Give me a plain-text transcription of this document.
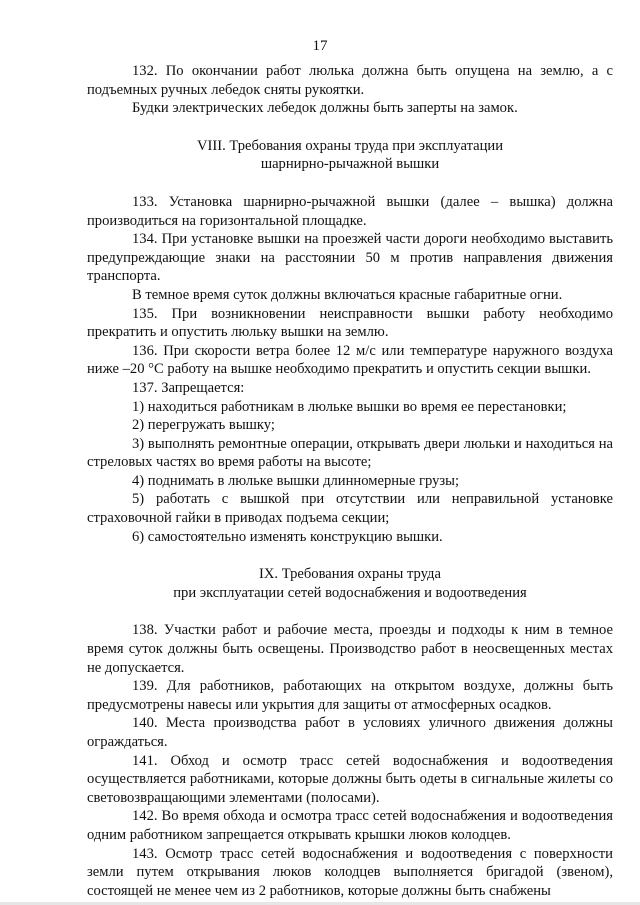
17

132. По окончании работ люлька должна быть опущена на землю, а с подъемных ручных лебедок сняты рукоятки.

Будки электрических лебедок должны быть заперты на замок.

VIII. Требования охраны труда при эксплуатации

шарнирно-рычажной вышки

133. Установка шарнирно-рычажной вышки (далее – вышка) должна производиться на горизонтальной площадке.

134. При установке вышки на проезжей части дороги необходимо выставить предупреждающие знаки на расстоянии 50 м против направления движения транспорта.

В темное время суток должны включаться красные габаритные огни.

135. При возникновении неисправности вышки работу необходимо прекратить и опустить люльку вышки на землю.

136. При скорости ветра более 12 м/с или температуре наружного воздуха ниже –20 °С работу на вышке необходимо прекратить и опустить секции вышки.

137. Запрещается:

1) находиться работникам в люльке вышки во время ее перестановки;

2) перегружать вышку;

3) выполнять ремонтные операции, открывать двери люльки и находиться на стреловых частях во время работы на высоте;

4) поднимать в люльке вышки длинномерные грузы;

5) работать с вышкой при отсутствии или неправильной установке страховочной гайки в приводах подъема секции;

6) самостоятельно изменять конструкцию вышки.

IX. Требования охраны труда

при эксплуатации сетей водоснабжения и водоотведения

138. Участки работ и рабочие места, проезды и подходы к ним в темное время суток должны быть освещены. Производство работ в неосвещенных местах не допускается.

139. Для работников, работающих на открытом воздухе, должны быть предусмотрены навесы или укрытия для защиты от атмосферных осадков.

140. Места производства работ в условиях уличного движения должны ограждаться.

141. Обход и осмотр трасс сетей водоснабжения и водоотведения осуществляется работниками, которые должны быть одеты в сигнальные жилеты со световозвращающими элементами (полосами).

142. Во время обхода и осмотра трасс сетей водоснабжения и водоотведения одним работником запрещается открывать крышки люков колодцев.

143. Осмотр трасс сетей водоснабжения и водоотведения с поверхности земли путем открывания люков колодцев выполняется бригадой (звеном), состоящей не менее чем из 2 работников, которые должны быть снабжены
